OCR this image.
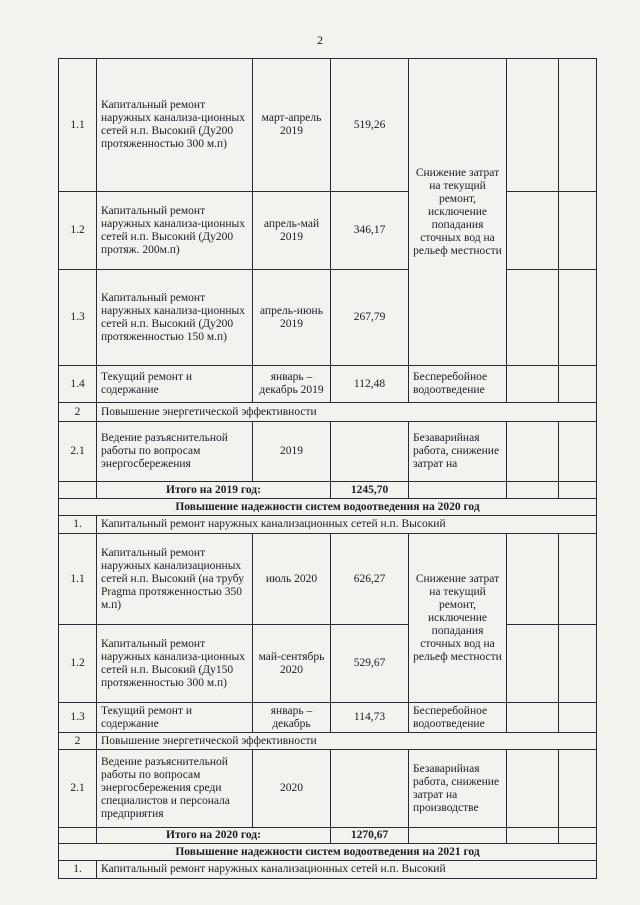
2
1.1	Капитальный ремонт наружных канализа-ционных сетей н.п. Высокий (Ду200 протяженностью 300 м.п)	март-апрель 2019	519,26	Снижение затрат на текущий ремонт, исключение попадания сточных вод на рельеф местности		
1.2	Капитальный ремонт наружных канализа-ционных сетей н.п. Высокий (Ду200 протяж. 200м.п)	апрель-май 2019	346,17			
1.3	Капитальный ремонт наружных канализа-ционных сетей н.п. Высокий (Ду200 протяженностью 150 м.п)	апрель-июнь 2019	267,79			
1.4	Текущий ремонт и содержание	январь – декабрь 2019	112,48	Бесперебойное водоотведение		
2	Повышение энергетической эффективности					
2.1	Ведение разъяснительной работы по вопросам энергосбережения	2019		Безаварийная работа, снижение затрат на		
	Итого на 2019 год:		1245,70			
Повышение надежности систем водоотведения на 2020 год						
1.	Капитальный ремонт наружных канализационных сетей н.п. Высокий					
1.1	Капитальный ремонт наружных канализационных сетей н.п. Высокий (на трубу Pragma протяженностью 350 м.п)	июль 2020	626,27	Снижение затрат на текущий ремонт, исключение попадания сточных вод на рельеф местности		
1.2	Капитальный ремонт наружных канализа-ционных сетей н.п. Высокий (Ду150 протяженностью 300 м.п)	май-сентябрь 2020	529,67			
1.3	Текущий ремонт и содержание	январь – декабрь	114,73	Бесперебойное водоотведение		
2	Повышение энергетической эффективности					
2.1	Ведение разъяснительной работы по вопросам энергосбережения среди специалистов и персонала предприятия	2020		Безаварийная работа, снижение затрат на производстве		
	Итого на 2020 год:		1270,67			
Повышение надежности систем водоотведения на 2021 год						
1.	Капитальный ремонт наружных канализационных сетей н.п. Высокий					
